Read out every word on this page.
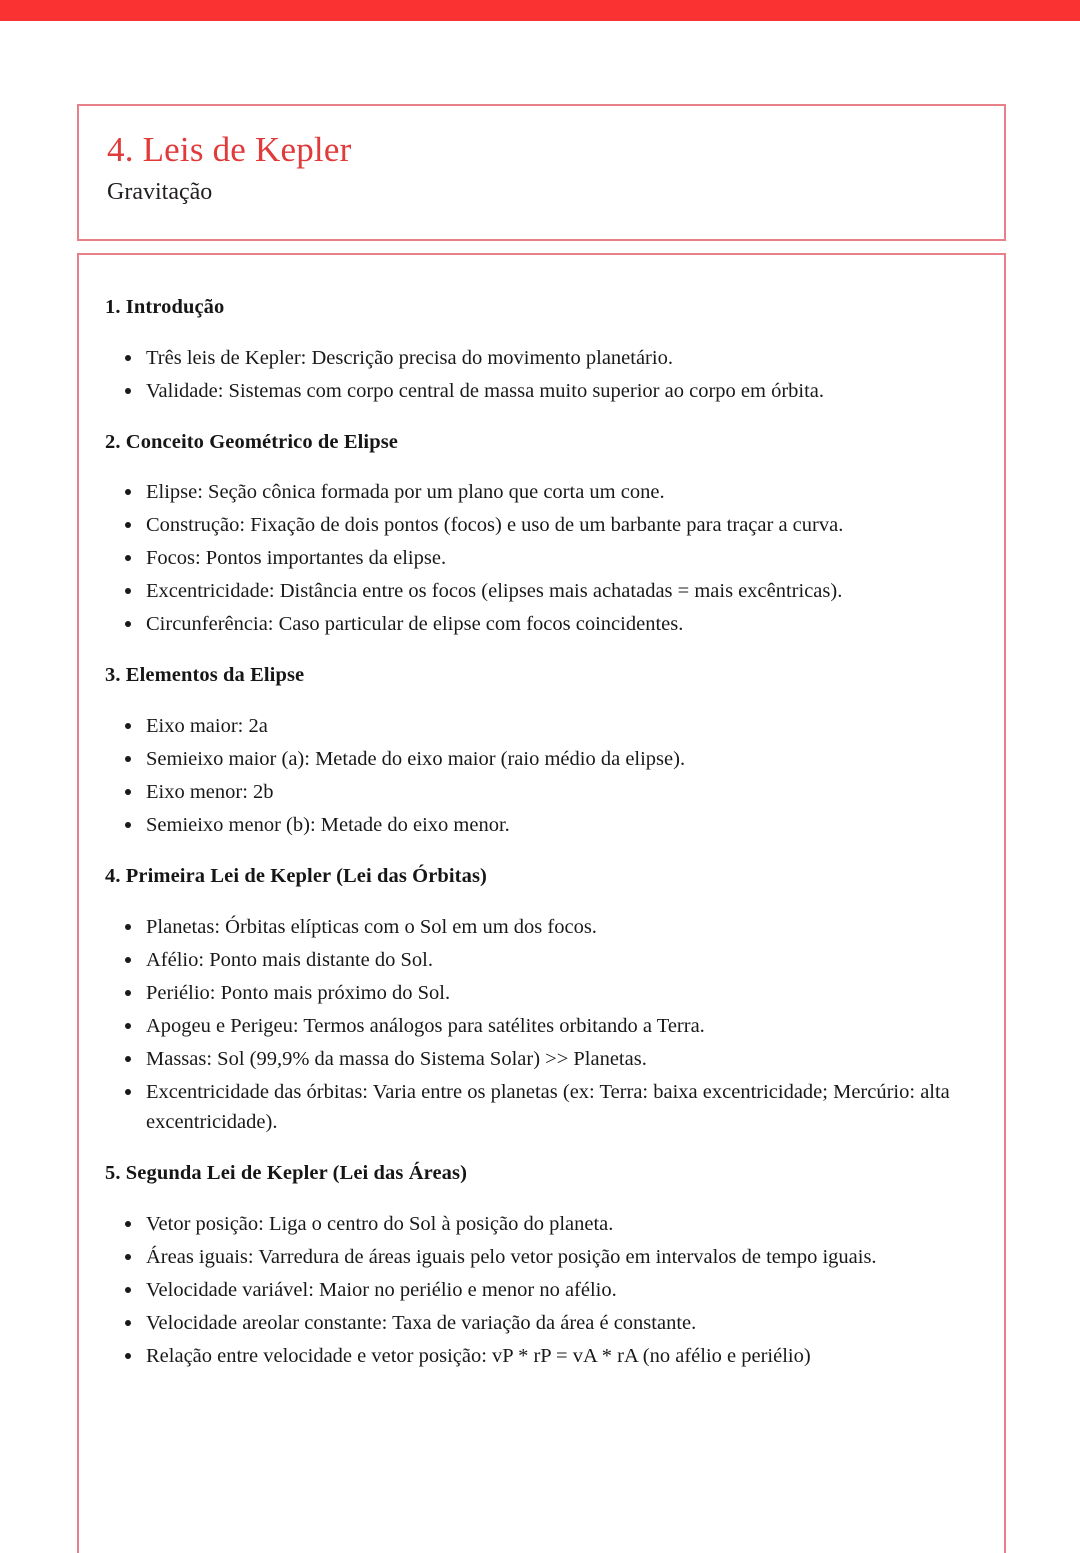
4. Leis de Kepler

Gravitação

1. Introdução
Três leis de Kepler: Descrição precisa do movimento planetário.
Validade: Sistemas com corpo central de massa muito superior ao corpo em órbita.
2. Conceito Geométrico de Elipse
Elipse: Seção cônica formada por um plano que corta um cone.
Construção: Fixação de dois pontos (focos) e uso de um barbante para traçar a curva.
Focos: Pontos importantes da elipse.
Excentricidade: Distância entre os focos (elipses mais achatadas = mais excêntricas).
Circunferência: Caso particular de elipse com focos coincidentes.
3. Elementos da Elipse
Eixo maior: 2a
Semieixo maior (a): Metade do eixo maior (raio médio da elipse).
Eixo menor: 2b
Semieixo menor (b): Metade do eixo menor.
4. Primeira Lei de Kepler (Lei das Órbitas)
Planetas: Órbitas elípticas com o Sol em um dos focos.
Afélio: Ponto mais distante do Sol.
Periélio: Ponto mais próximo do Sol.
Apogeu e Perigeu: Termos análogos para satélites orbitando a Terra.
Massas: Sol (99,9% da massa do Sistema Solar) >> Planetas.
Excentricidade das órbitas: Varia entre os planetas (ex: Terra: baixa excentricidade; Mercúrio: alta excentricidade).
5. Segunda Lei de Kepler (Lei das Áreas)
Vetor posição: Liga o centro do Sol à posição do planeta.
Áreas iguais: Varredura de áreas iguais pelo vetor posição em intervalos de tempo iguais.
Velocidade variável: Maior no periélio e menor no afélio.
Velocidade areolar constante: Taxa de variação da área é constante.
Relação entre velocidade e vetor posição: vP * rP = vA * rA (no afélio e periélio)
